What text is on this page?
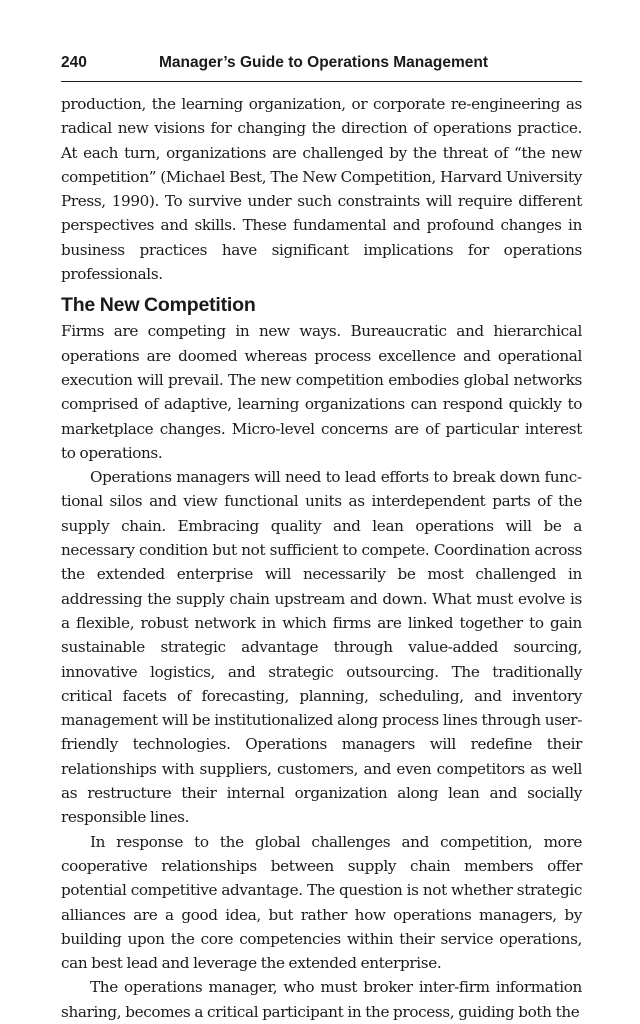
240	Manager’s Guide to Operations Management

production, the learning organization, or corporate re-engineering as radical new visions for changing the direction of operations practice. At each turn, organizations are challenged by the threat of “the new competition” (Michael Best, The New Competition, Harvard University Press, 1990). To survive under such constraints will require different perspectives and skills. These fundamental and profound changes in business practices have significant implications for operations professionals.

The New Competition

Firms are competing in new ways. Bureaucratic and hierarchical operations are doomed whereas process excellence and operational execution will prevail. The new competition embodies global networks comprised of adaptive, learning organizations can respond quickly to marketplace changes. Micro-level concerns are of particular interest to operations.

Operations managers will need to lead efforts to break down functional silos and view functional units as interdependent parts of the supply chain. Embracing quality and lean operations will be a necessary condition but not sufficient to compete. Coordination across the extended enterprise will necessarily be most challenged in addressing the supply chain upstream and down. What must evolve is a flexible, robust network in which firms are linked together to gain sustainable strategic advantage through value-added sourcing, innovative logistics, and strategic outsourcing. The traditionally critical facets of forecasting, planning, scheduling, and inventory management will be institutionalized along process lines through user-friendly technologies. Operations managers will redefine their relationships with suppliers, customers, and even competitors as well as restructure their internal organization along lean and socially responsible lines.

In response to the global challenges and competition, more cooperative relationships between supply chain members offer potential competitive advantage. The question is not whether strategic alliances are a good idea, but rather how operations managers, by building upon the core competencies within their service operations, can best lead and leverage the extended enterprise.

The operations manager, who must broker inter-firm information sharing, becomes a critical participant in the process, guiding both the
